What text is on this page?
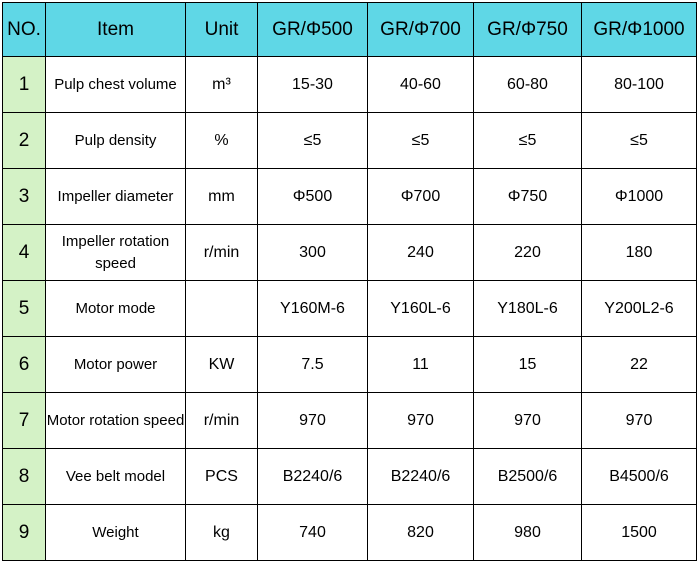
NO.	Item	Unit	GR/Φ500	GR/Φ700	GR/Φ750	GR/Φ1000
1	Pulp chest volume	m³	15-30	40-60	60-80	80-100
2	Pulp density	%	≤5	≤5	≤5	≤5
3	Impeller diameter	mm	Φ500	Φ700	Φ750	Φ1000
4	Impeller rotation speed	r/min	300	240	220	180
5	Motor mode		Y160M-6	Y160L-6	Y180L-6	Y200L2-6
6	Motor power	KW	7.5	11	15	22
7	Motor rotation speed	r/min	970	970	970	970
8	Vee belt model	PCS	B2240/6	B2240/6	B2500/6	B4500/6
9	Weight	kg	740	820	980	1500
